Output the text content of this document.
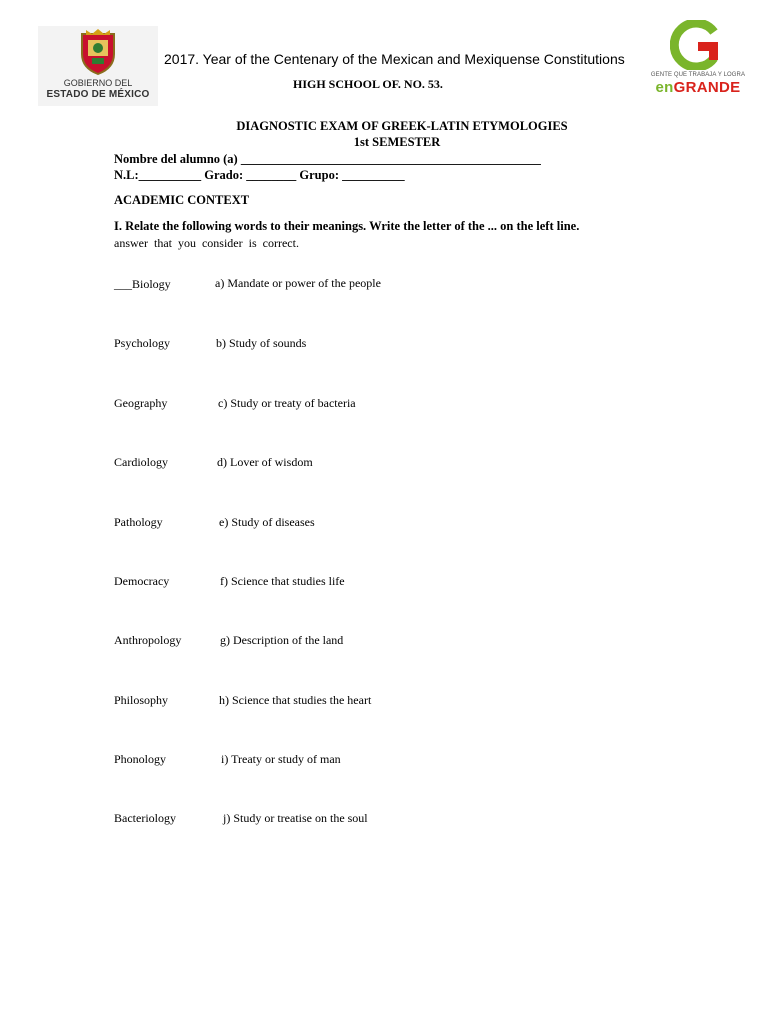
GOBIERNO DEL
ESTADO DE MÉXICO
GENTE QUE TRABAJA Y LOGRA
enGRANDE
2017. Year of the Centenary of the Mexican and Mexiquense Constitutions
HIGH SCHOOL OF. NO. 53.
DIAGNOSTIC EXAM OF GREEK-LATIN ETYMOLOGIES
1st SEMESTER
Nombre del alumno (a) ________________________________________________
N.L:__________ Grado: ________ Grupo: __________
ACADEMIC CONTEXT
I. Relate the following words to their meanings. Write the letter of the ... on the left line.
answer that you consider is correct.
___Biology	a) Mandate or power of the people
Psychology	b) Study of sounds
Geography	c) Study or treaty of bacteria
Cardiology	d) Lover of wisdom
Pathology	e) Study of diseases
Democracy	f) Science that studies life
Anthropology	g) Description of the land
Philosophy	h) Science that studies the heart
Phonology	i) Treaty or study of man
Bacteriology	j) Study or treatise on the soul
